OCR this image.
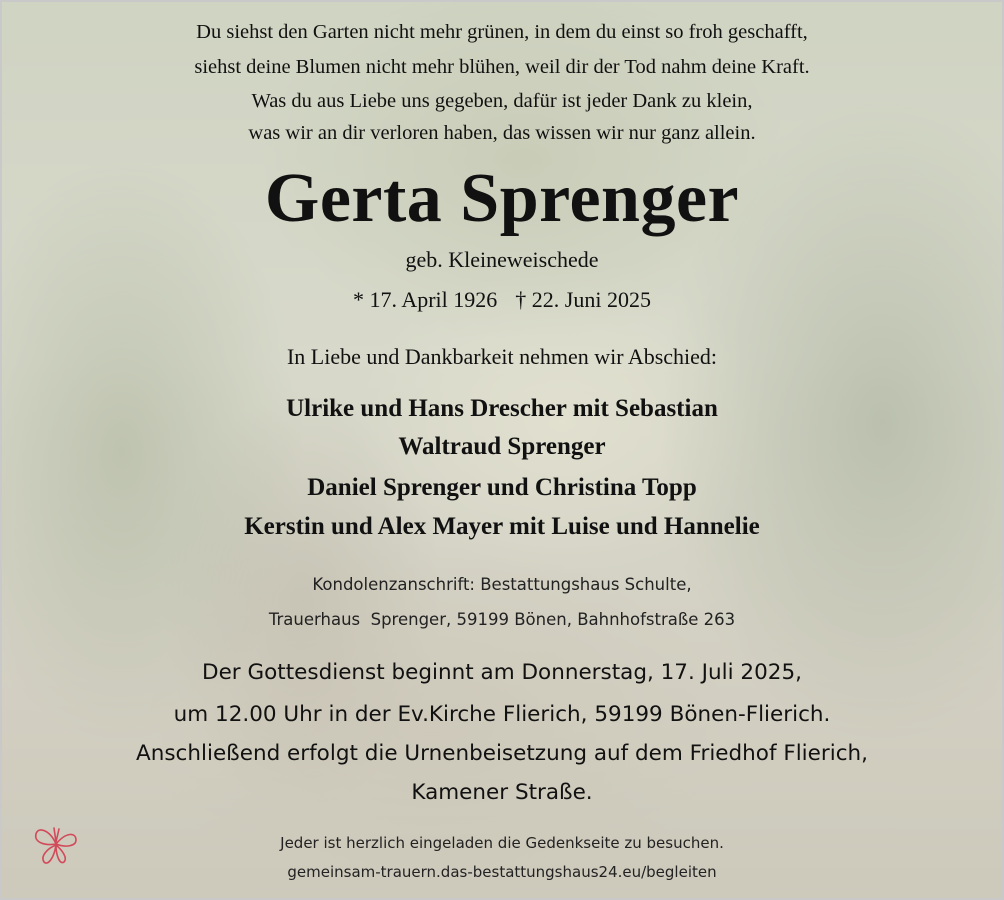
Du siehst den Garten nicht mehr grünen, in dem du einst so froh geschafft,

siehst deine Blumen nicht mehr blühen, weil dir der Tod nahm deine Kraft.

Was du aus Liebe uns gegeben, dafür ist jeder Dank zu klein,

was wir an dir verloren haben, das wissen wir nur ganz allein.

Gerta Sprenger

geb. Kleineweischede

* 17. April 1926 † 22. Juni 2025

In Liebe und Dankbarkeit nehmen wir Abschied:

Ulrike und Hans Drescher mit Sebastian

Waltraud Sprenger

Daniel Sprenger und Christina Topp

Kerstin und Alex Mayer mit Luise und Hannelie

Kondolenzanschrift: Bestattungshaus Schulte,

Trauerhaus  Sprenger, 59199 Bönen, Bahnhofstraße 263

Der Gottesdienst beginnt am Donnerstag, 17. Juli 2025,

um 12.00 Uhr in der Ev.Kirche Flierich, 59199 Bönen-Flierich.

Anschließend erfolgt die Urnenbeisetzung auf dem Friedhof Flierich,

Kamener Straße.

Jeder ist herzlich eingeladen die Gedenkseite zu besuchen.

gemeinsam-trauern.das-bestattungshaus24.eu/begleiten
